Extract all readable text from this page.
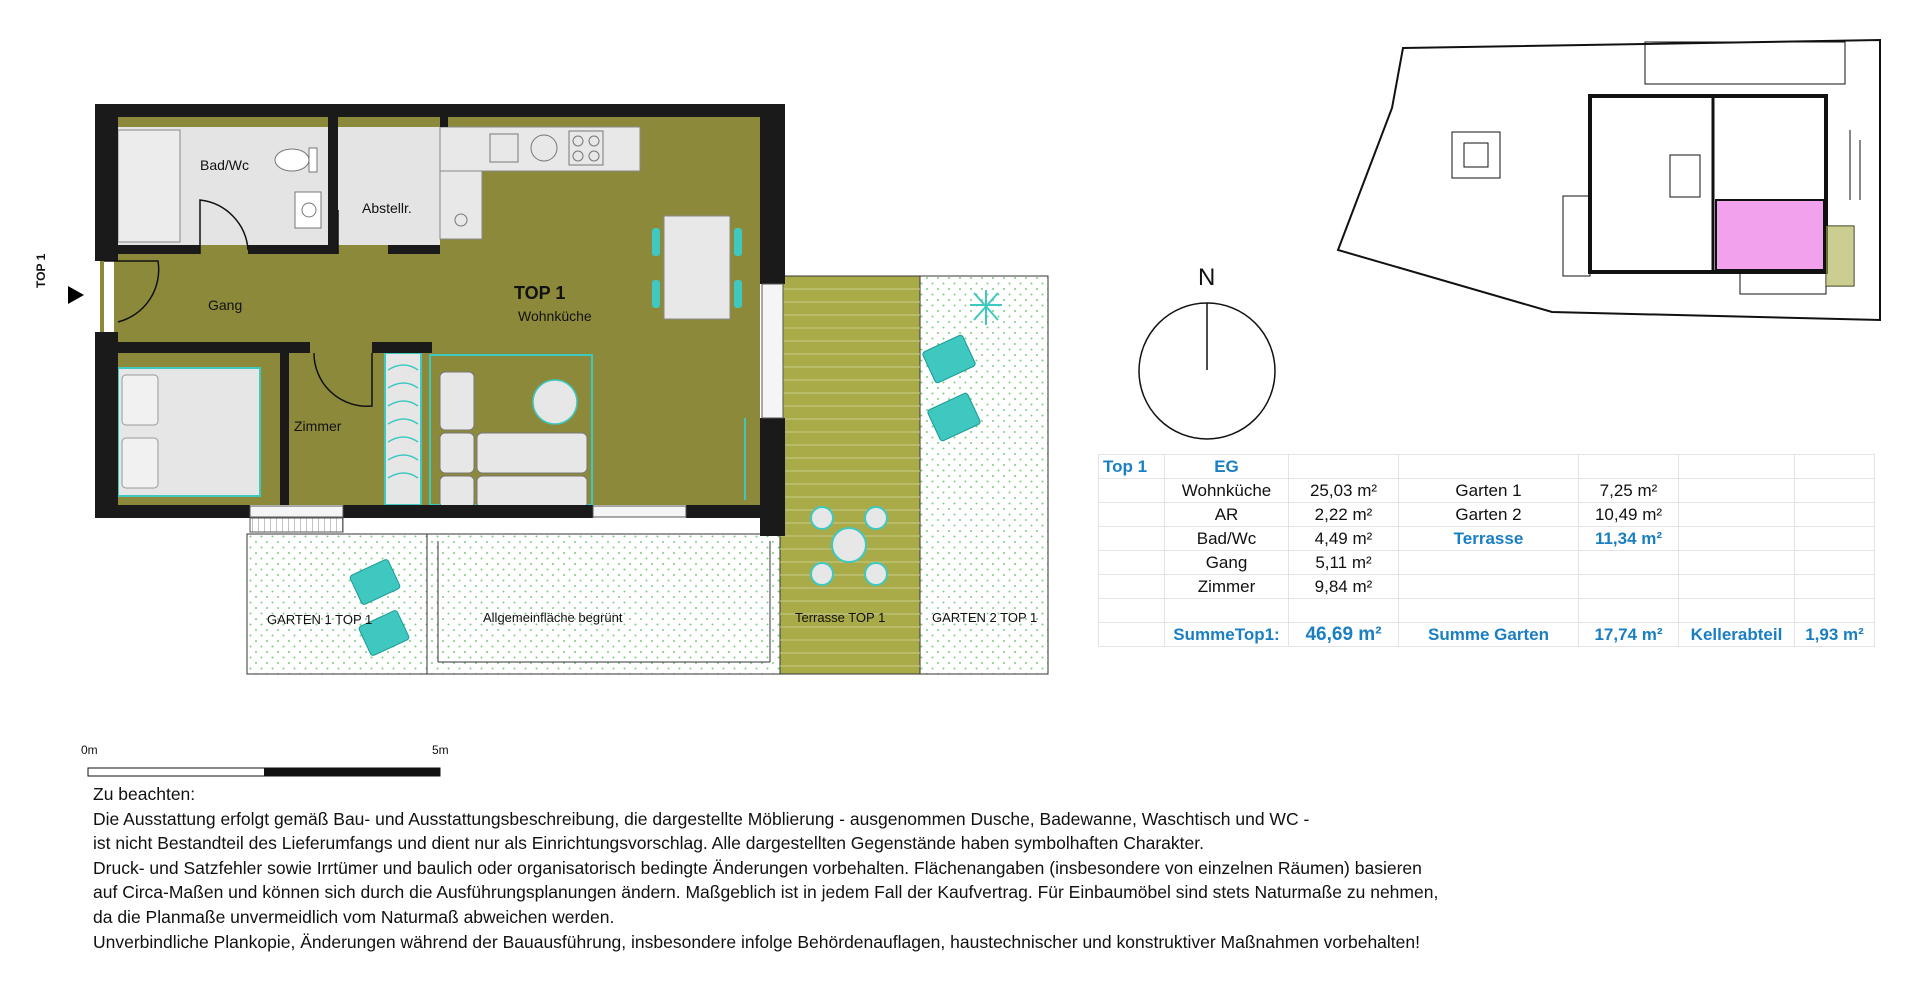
TOP 1
Bad/Wc
Abstellr.
Gang
TOP 1
Wohnküche
Zimmer
GARTEN 1 TOP 1	Allgemeinfläche begrünt	Terrasse TOP 1	GARTEN 2 TOP 1
N
0m	5m
Top 1	EG					
	Wohnküche	25,03 m²	Garten 1	7,25 m²		
	AR	2,22 m²	Garten 2	10,49 m²		
	Bad/Wc	4,49 m²	Terrasse	11,34 m²		
	Gang	5,11 m²				
	Zimmer	9,84 m²				

	SummeTop1:	46,69 m²	Summe Garten	17,74 m²	Kellerabteil	1,93 m²
Zu beachten:
Die Ausstattung erfolgt gemäß Bau- und Ausstattungsbeschreibung, die dargestellte Möblierung - ausgenommen Dusche, Badewanne, Waschtisch und WC -
ist nicht Bestandteil des Lieferumfangs und dient nur als Einrichtungsvorschlag. Alle dargestellten Gegenstände haben symbolhaften Charakter.
Druck- und Satzfehler sowie Irrtümer und baulich oder organisatorisch bedingte Änderungen vorbehalten. Flächenangaben (insbesondere von einzelnen Räumen) basieren
auf Circa-Maßen und können sich durch die Ausführungsplanungen ändern. Maßgeblich ist in jedem Fall der Kaufvertrag. Für Einbaumöbel sind stets Naturmaße zu nehmen,
da die Planmaße unvermeidlich vom Naturmaß abweichen werden.
Unverbindliche Plankopie, Änderungen während der Bauausführung, insbesondere infolge Behördenauflagen, haustechnischer und konstruktiver Maßnahmen vorbehalten!
